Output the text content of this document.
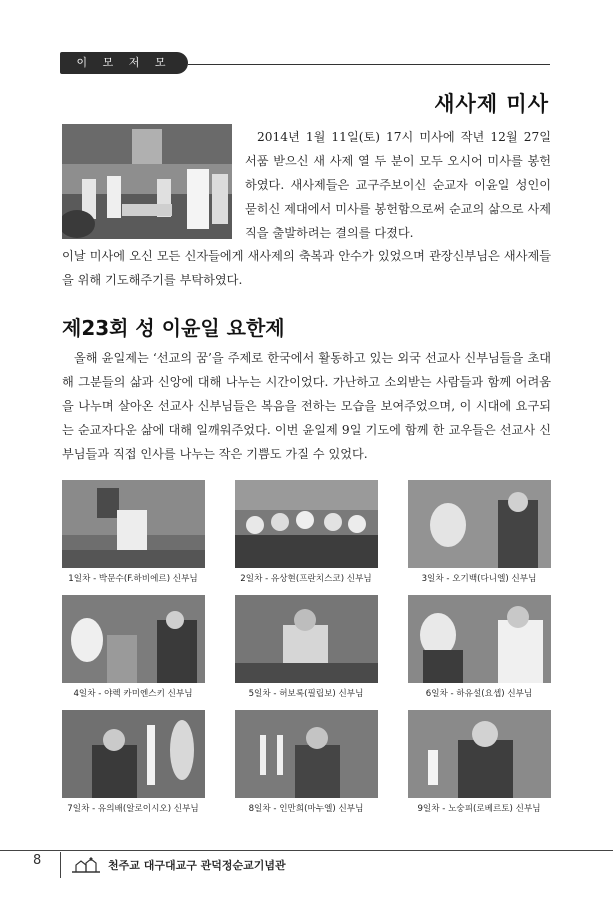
이 모 저 모
새사제 미사

2014년 1월 11일(토) 17시 미사에 작년 12월 27일 서품 받으신 새 사제 열 두 분이 모두 오시어 미사를 봉헌하였다. 새사제들은 교구주보이신 순교자 이윤일 성인이 묻히신 제대에서 미사를 봉헌함으로써 순교의 삶으로 사제직을 출발하려는 결의를 다졌다.

이날 미사에 오신 모든 신자들에게 새사제의 축복과 안수가 있었으며 관장신부님은 새사제들을 위해 기도해주기를 부탁하였다.

제23회 성 이윤일 요한제

올해 윤일제는 ‘선교의 꿈’을 주제로 한국에서 활동하고 있는 외국 선교사 신부님들을 초대해 그분들의 삶과 신앙에 대해 나누는 시간이었다. 가난하고 소외받는 사람들과 함께 어려움을 나누며 살아온 선교사 신부님들은 복음을 전하는 모습을 보여주었으며, 이 시대에 요구되는 순교자다운 삶에 대해 일깨워주었다. 이번 윤일제 9일 기도에 함께 한 교우들은 선교사 신부님들과 직접 인사를 나누는 작은 기쁨도 가질 수 있었다.

1일차 - 박문수(F.하비에르) 신부님	2일차 - 유상현(프란치스코) 신부님	3일차 - 오기백(다니엘) 신부님
4일차 - 야렉 카미엔스키 신부님	5일차 - 허보록(필립보) 신부님	6일차 - 하유설(요셉) 신부님
7일차 - 유의배(알로이시오) 신부님	8일차 - 인만희(마누엘) 신부님	9일차 - 노숭피(로베르토) 신부님
8	천주교 대구대교구 관덕정순교기념관
